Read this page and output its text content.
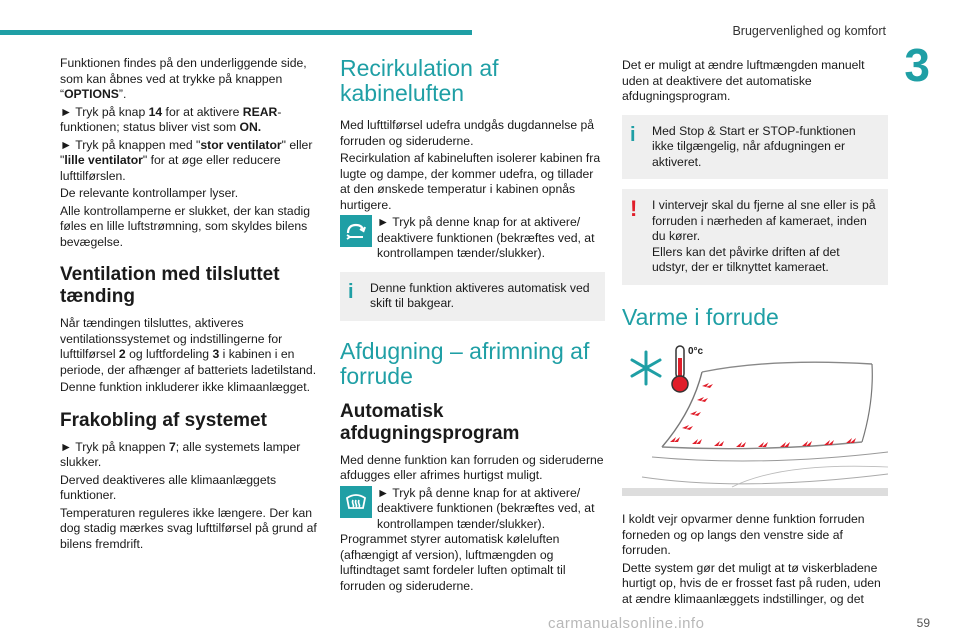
Brugervenlighed og komfort
3

Funktionen findes på den underliggende side, som kan åbnes ved at trykke på knappen “OPTIONS”.

► Tryk på knap 14 for at aktivere REAR-funktionen; status bliver vist som ON.

► Tryk på knappen med "stor ventilator" eller "lille ventilator" for at øge eller reducere lufttilførslen.

De relevante kontrollamper lyser.

Alle kontrollamperne er slukket, der kan stadig føles en lille luftstrømning, som skyldes bilens bevægelse.

Ventilation med tilsluttet tænding

Når tændingen tilsluttes, aktiveres ventilationssystemet og indstillingerne for lufttilførsel 2 og luftfordeling 3 i kabinen i en periode, der afhænger af batteriets ladetilstand.

Denne funktion inkluderer ikke klimaanlægget.

Frakobling af systemet

► Tryk på knappen 7; alle systemets lamper slukker.

Derved deaktiveres alle klimaanlæggets funktioner.

Temperaturen reguleres ikke længere. Der kan dog stadig mærkes svag lufttilførsel på grund af bilens fremdrift.

Recirkulation af kabineluften

Med lufttilførsel udefra undgås dugdannelse på forruden og sideruderne.

Recirkulation af kabineluften isolerer kabinen fra lugte og dampe, der kommer udefra, og tillader at den ønskede temperatur i kabinen opnås hurtigere.

► Tryk på denne knap for at aktivere/ deaktivere funktionen (bekræftes ved, at kontrollampen tænder/slukker).
i	Denne funktion aktiveres automatisk ved skift til bakgear.
Afdugning – afrimning af forrude
Automatisk afdugningsprogram

Med denne funktion kan forruden og sideruderne afdugges eller afrimes hurtigst muligt.

► Tryk på denne knap for at aktivere/ deaktivere funktionen (bekræftes ved, at kontrollampen tænder/slukker).

Programmet styrer automatisk køleluften (afhængigt af version), luftmængden og luftindtaget samt fordeler luften optimalt til forruden og sideruderne.

Det er muligt at ændre luftmængden manuelt uden at deaktivere det automatiske afdugningsprogram.

i	Med Stop & Start er STOP-funktionen ikke tilgængelig, når afdugningen er aktiveret.
!	I vintervejr skal du fjerne al sne eller is på forruden i nærheden af kameraet, inden du kører.
Ellers kan det påvirke driften af det udstyr, der er tilknyttet kameraet.
Varme i forrude
0°c

I koldt vejr opvarmer denne funktion forruden forneden og op langs den venstre side af forruden.

Dette system gør det muligt at tø viskerbladene hurtigt op, hvis de er frosset fast på ruden, uden at ændre klimaanlæggets indstillinger, og det

carmanualsonline.info	59
